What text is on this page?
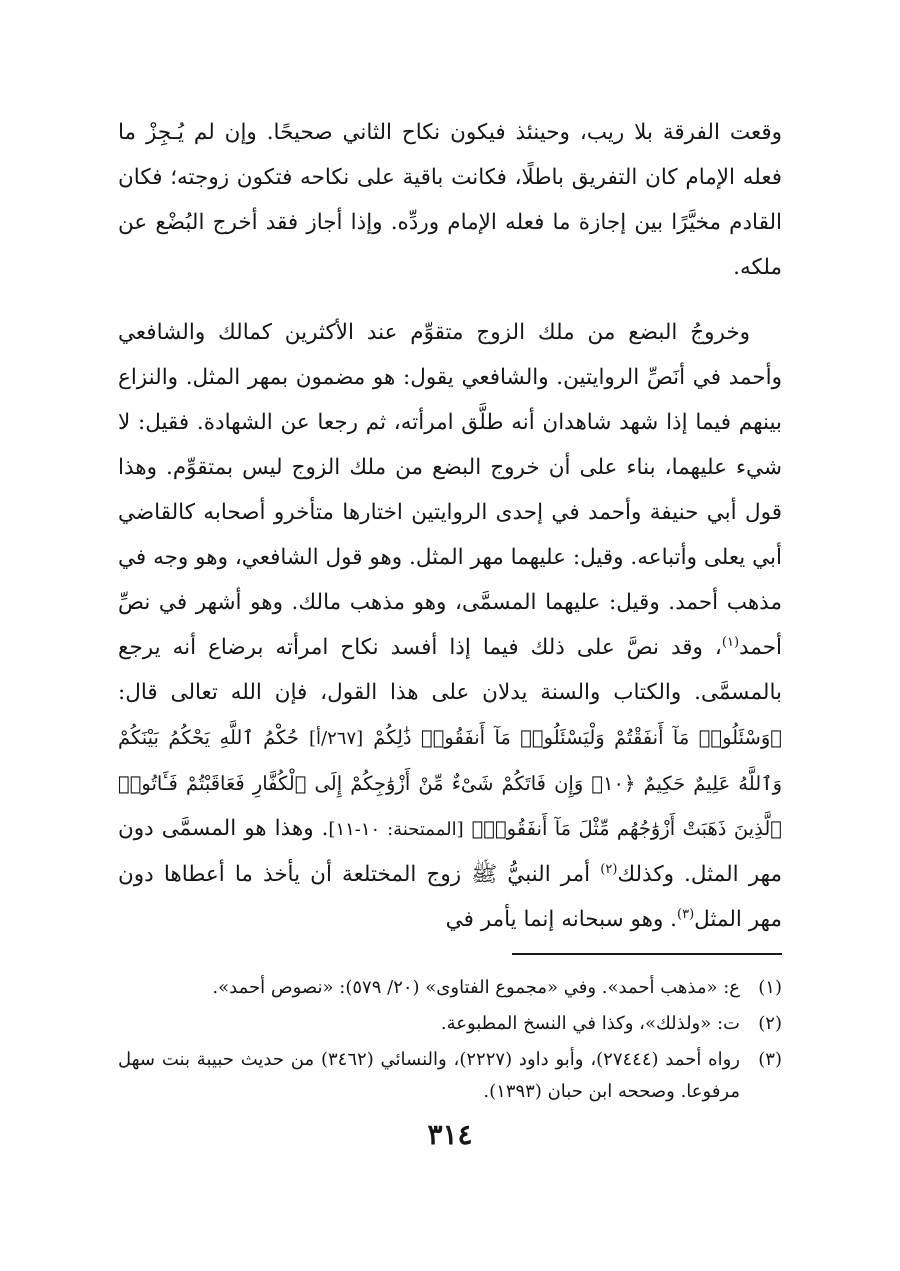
وقعت الفرقة بلا ريب، وحينئذ فيكون نكاح الثاني صحيحًا. وإن لم يُـجِزْ ما فعله الإمام كان التفريق باطلًا، فكانت باقية على نكاحه فتكون زوجته؛ فكان القادم مخيَّرًا بين إجازة ما فعله الإمام وردِّه. وإذا أجاز فقد أخرج البُضْع عن ملكه.

وخروجُ البضع من ملك الزوج متقوِّم عند الأكثرين كمالك والشافعي وأحمد في أنَصِّ الروايتين. والشافعي يقول: هو مضمون بمهر المثل. والنزاع بينهم فيما إذا شهد شاهدان أنه طلَّق امرأته، ثم رجعا عن الشهادة. فقيل: لا شيء عليهما، بناء على أن خروج البضع من ملك الزوج ليس بمتقوِّم. وهذا قول أبي حنيفة وأحمد في إحدى الروايتين اختارها متأخرو أصحابه كالقاضي أبي يعلى وأتباعه. وقيل: عليهما مهر المثل. وهو قول الشافعي، وهو وجه في مذهب أحمد. وقيل: عليهما المسمَّى، وهو مذهب مالك. وهو أشهر في نصِّ أحمد$^{(١)}$، وقد نصَّ على ذلك فيما إذا أفسد نكاح امرأته برضاع أنه يرجع بالمسمَّى. والكتاب والسنة يدلان على هذا القول، فإن الله تعالى قال: ﴿وَسْئَلُوا۟ مَآ أَنفَقْتُمْ وَلْيَسْئَلُوا۟ مَآ أَنفَقُوا۟ ذَٰلِكُمْ [٢٦٧/أ] حُكْمُ ٱللَّهِ يَحْكُمُ بَيْنَكُمْ وَٱللَّهُ عَلِيمٌ حَكِيمٌ ﴿١٠﴾ وَإِن فَاتَكُمْ شَىْءٌ مِّنْ أَزْوَٰجِكُمْ إِلَى ٱلْكُفَّارِ فَعَاقَبْتُمْ فَـَٔاتُوا۟ ٱلَّذِينَ ذَهَبَتْ أَزْوَٰجُهُم مِّثْلَ مَآ أَنفَقُوا۟﴾ [الممتحنة: ١٠-١١]. وهذا هو المسمَّى دون مهر المثل. وكذلك$^{(٢)}$ أمر النبيُّ ﷺ زوج المختلعة أن يأخذ ما أعطاها دون مهر المثل$^{(٣)}$. وهو سبحانه إنما يأمر في

(١)
ع: «مذهب أحمد». وفي «مجموع الفتاوى» (٢٠/ ٥٧٩): «نصوص أحمد».
(٢)
ت: «ولذلك»، وكذا في النسخ المطبوعة.
(٣)
رواه أحمد (٢٧٤٤٤)، وأبو داود (٢٢٢٧)، والنسائي (٣٤٦٢) من حديث حبيبة بنت سهل مرفوعا. وصححه ابن حبان (١٣٩٣).
٣١٤
